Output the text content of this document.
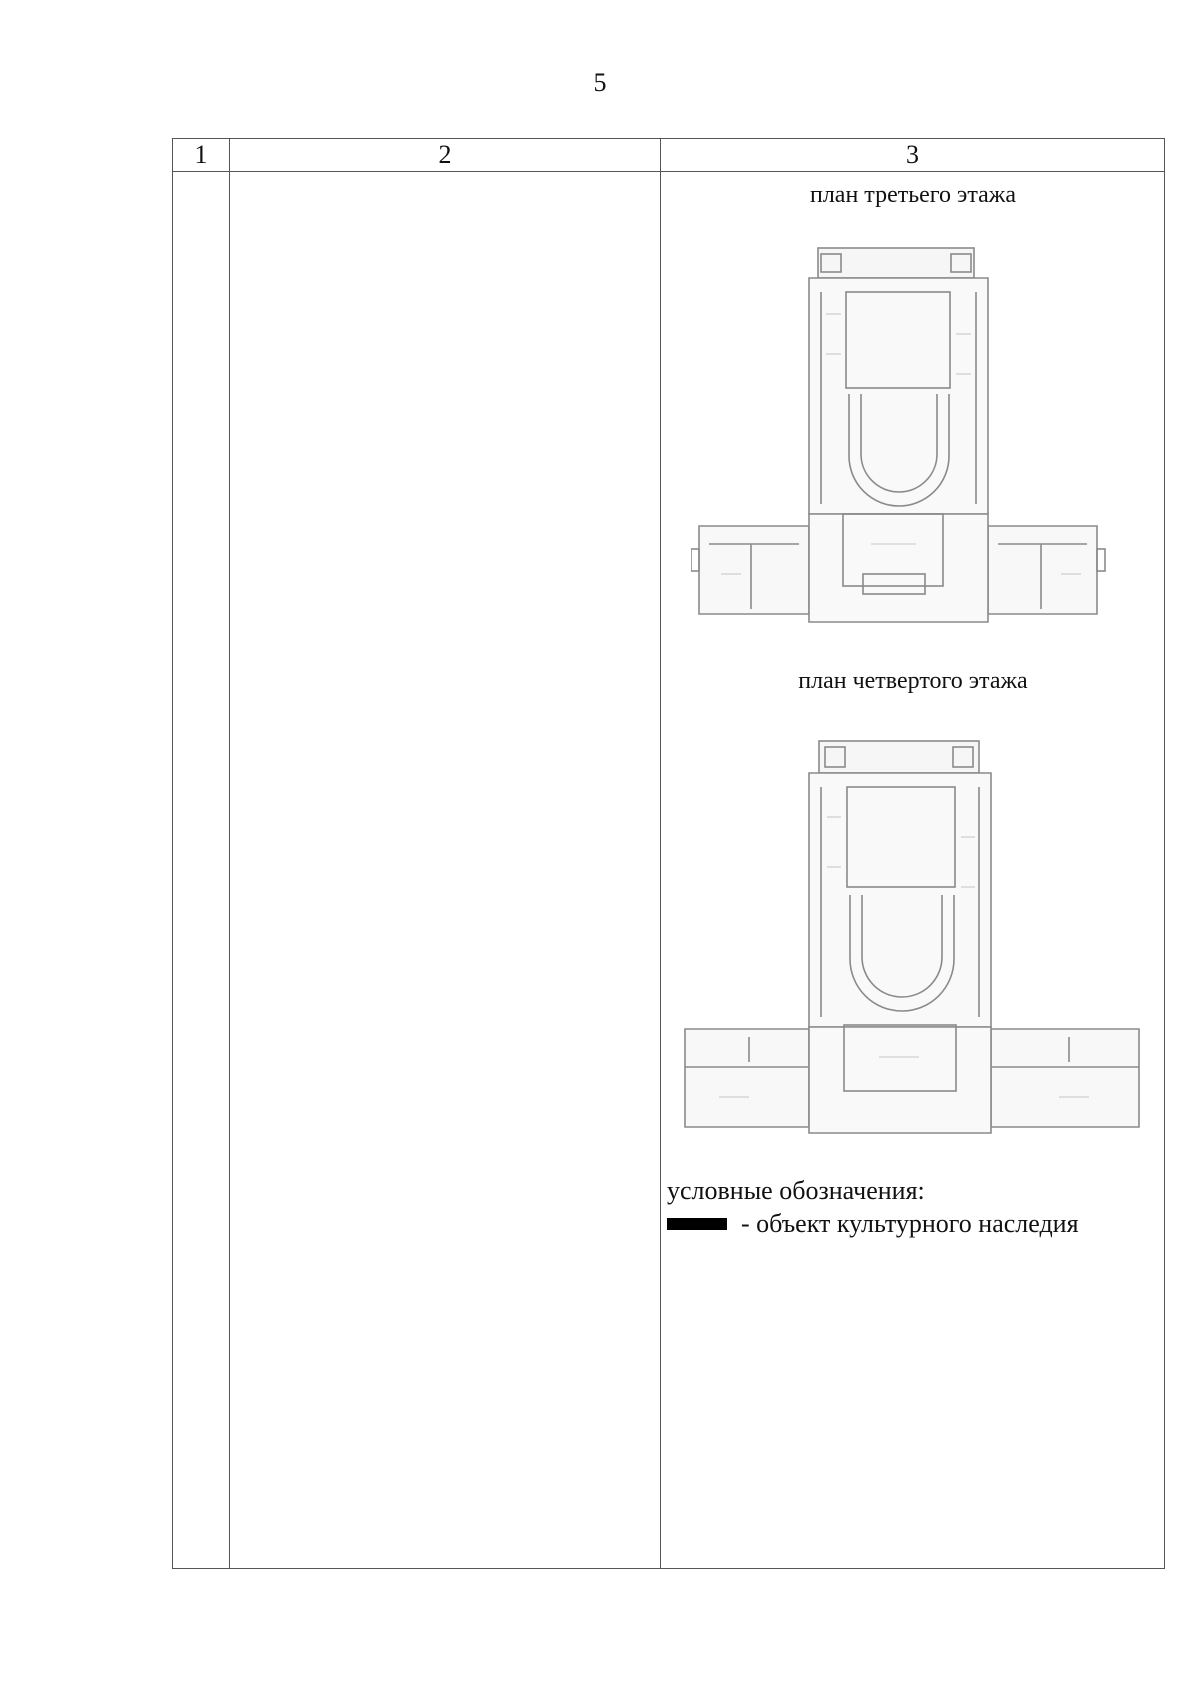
5
1	2	3

		план третьего этажа
план четвертого этажа
условные обозначения:
- объект культурного наследия
